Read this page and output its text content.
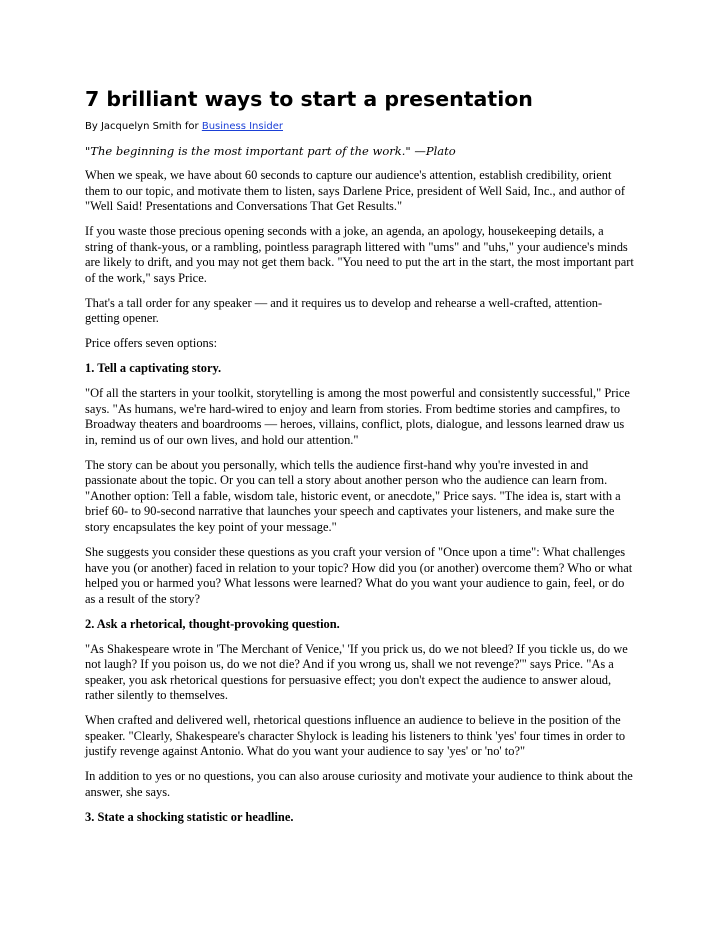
7 brilliant ways to start a presentation
By Jacquelyn Smith for Business Insider
"The beginning is the most important part of the work." —Plato

When we speak, we have about 60 seconds to capture our audience's attention, establish credibility, orient them to our topic, and motivate them to listen, says Darlene Price, president of Well Said, Inc., and author of "Well Said! Presentations and Conversations That Get Results."

If you waste those precious opening seconds with a joke, an agenda, an apology, housekeeping details, a string of thank-yous, or a rambling, pointless paragraph littered with "ums" and "uhs," your audience's minds are likely to drift, and you may not get them back. "You need to put the art in the start, the most important part of the work," says Price.

That's a tall order for any speaker — and it requires us to develop and rehearse a well-crafted, attention-getting opener.

Price offers seven options:

1. Tell a captivating story.

"Of all the starters in your toolkit, storytelling is among the most powerful and consistently successful," Price says. "As humans, we're hard-wired to enjoy and learn from stories. From bedtime stories and campfires, to Broadway theaters and boardrooms — heroes, villains, conflict, plots, dialogue, and lessons learned draw us in, remind us of our own lives, and hold our attention."

The story can be about you personally, which tells the audience first-hand why you're invested in and passionate about the topic. Or you can tell a story about another person who the audience can learn from. "Another option: Tell a fable, wisdom tale, historic event, or anecdote," Price says. "The idea is, start with a brief 60- to 90-second narrative that launches your speech and captivates your listeners, and make sure the story encapsulates the key point of your message."

She suggests you consider these questions as you craft your version of "Once upon a time": What challenges have you (or another) faced in relation to your topic? How did you (or another) overcome them? Who or what helped you or harmed you? What lessons were learned? What do you want your audience to gain, feel, or do as a result of the story?

2. Ask a rhetorical, thought-provoking question.

"As Shakespeare wrote in 'The Merchant of Venice,' 'If you prick us, do we not bleed? If you tickle us, do we not laugh? If you poison us, do we not die? And if you wrong us, shall we not revenge?'" says Price. "As a speaker, you ask rhetorical questions for persuasive effect; you don't expect the audience to answer aloud, rather silently to themselves.

When crafted and delivered well, rhetorical questions influence an audience to believe in the position of the speaker. "Clearly, Shakespeare's character Shylock is leading his listeners to think 'yes' four times in order to justify revenge against Antonio. What do you want your audience to say 'yes' or 'no' to?"

In addition to yes or no questions, you can also arouse curiosity and motivate your audience to think about the answer, she says.

3. State a shocking statistic or headline.
